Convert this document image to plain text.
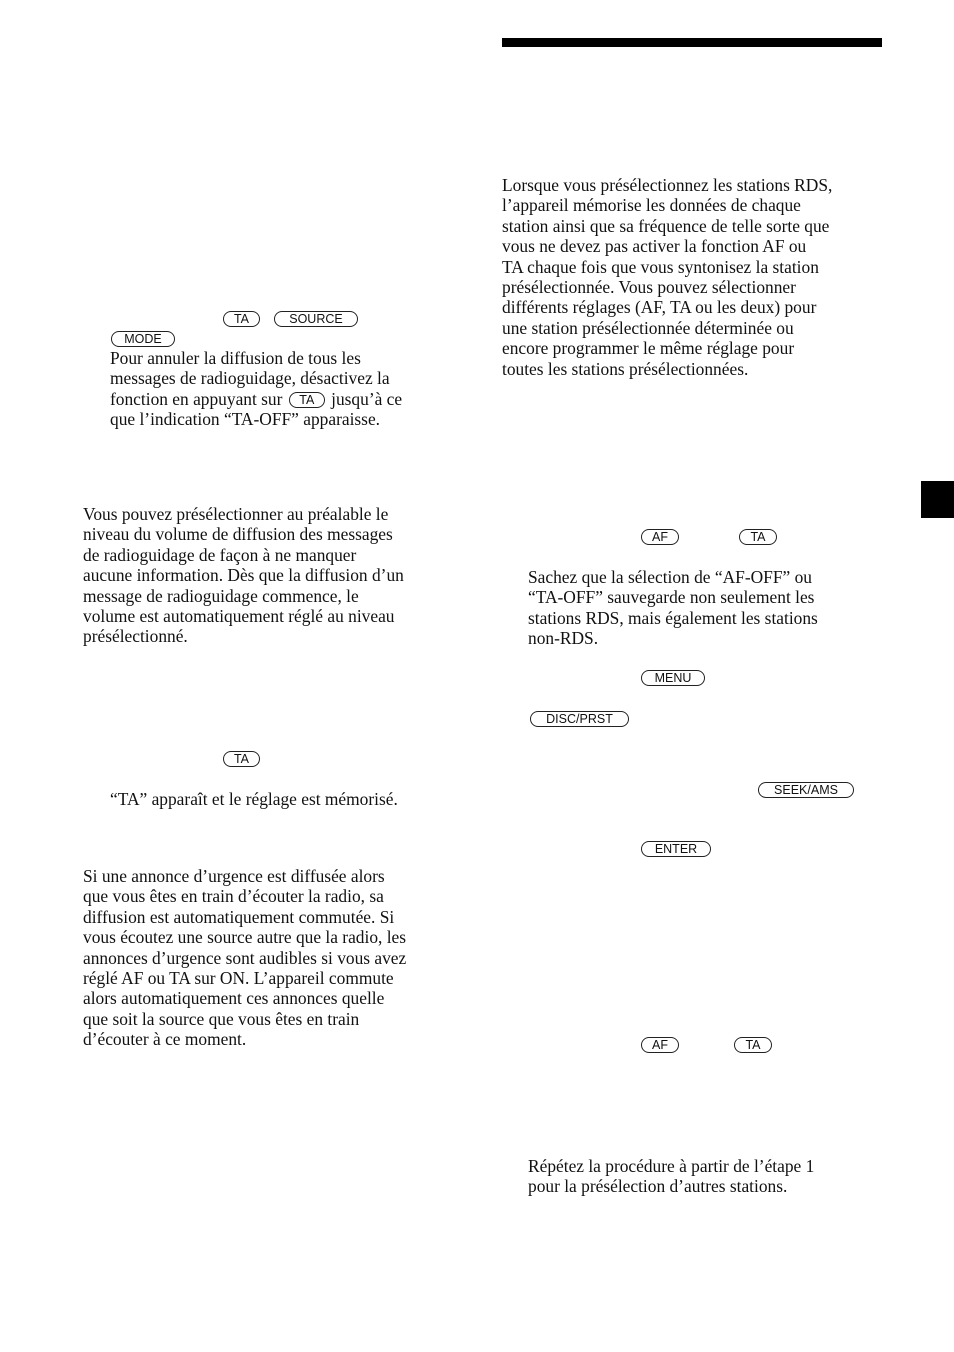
TA	SOURCE
MODE
Pour annuler la diffusion de tous les
messages de radioguidage, désactivez la
fonction en appuyant sur TA jusqu’à ce
que l’indication “TA-OFF” apparaisse.
Vous pouvez présélectionner au préalable le
niveau du volume de diffusion des messages
de radioguidage de façon à ne manquer
aucune information. Dès que la diffusion d’un
message de radioguidage commence, le
volume est automatiquement réglé au niveau
présélectionné.
TA
“TA” apparaît et le réglage est mémorisé.
Si une annonce d’urgence est diffusée alors
que vous êtes en train d’écouter la radio, sa
diffusion est automatiquement commutée. Si
vous écoutez une source autre que la radio, les
annonces d’urgence sont audibles si vous avez
réglé AF ou TA sur ON. L’appareil commute
alors automatiquement ces annonces quelle
que soit la source que vous êtes en train
d’écouter à ce moment.
Lorsque vous présélectionnez les stations RDS,
l’appareil mémorise les données de chaque
station ainsi que sa fréquence de telle sorte que
vous ne devez pas activer la fonction AF ou
TA chaque fois que vous syntonisez la station
présélectionnée. Vous pouvez sélectionner
différents réglages (AF, TA ou les deux) pour
une station présélectionnée déterminée ou
encore programmer le même réglage pour
toutes les stations présélectionnées.
AF	TA
Sachez que la sélection de “AF-OFF” ou
“TA-OFF” sauvegarde non seulement les
stations RDS, mais également les stations
non-RDS.
MENU
DISC/PRST
SEEK/AMS
ENTER
AF	TA
Répétez la procédure à partir de l’étape 1
pour la présélection d’autres stations.
